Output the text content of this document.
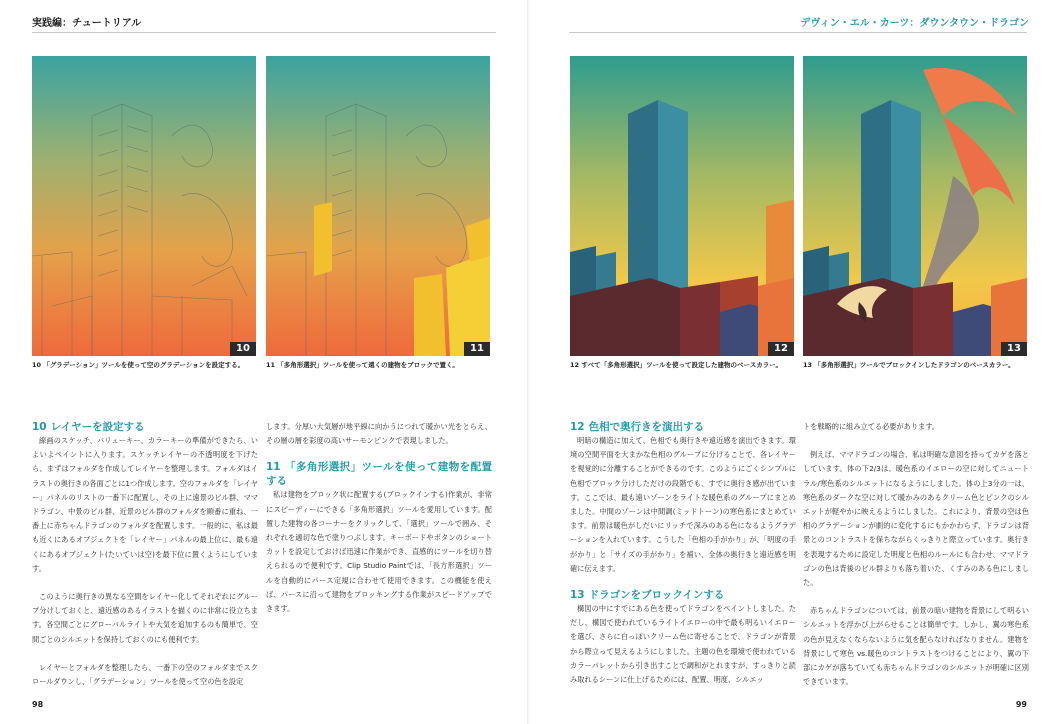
実践編：チュートリアル
10
10 「グラデーション」ツールを使って空のグラデーションを設定する。
11
11 「多角形選択」ツールを使って遠くの建物をブロックで置く。
10 レイヤーを設定する

線画のスケッチ、バリューキー、カラーキーの準備ができたら、いよいよペイントに入ります。スケッチレイヤーの不透明度を下げたら、まずはフォルダを作成してレイヤーを整理します。フォルダはイラストの奥行きの各面ごとに1つ作成します。空のフォルダを「レイヤー」パネルのリストの一番下に配置し、その上に遠景のビル群、ママドラゴン、中景のビル群、近景のビル群のフォルダを順番に重ね、一番上に赤ちゃんドラゴンのフォルダを配置します。一般的に、私は最も近くにあるオブジェクトを「レイヤー」パネルの最上位に、最も遠くにあるオブジェクト(たいていは空)を最下位に置くようにしています。

このように奥行きの異なる空間をレイヤー化してそれぞれにグループ分けしておくと、遠近感のあるイラストを描くのに非常に役立ちます。各空間ごとにグローバルライトや大気を追加するのも簡単で、空間ごとのシルエットを保持しておくのにも便利です。

レイヤーとフォルダを整理したら、一番下の空のフォルダまでスクロールダウンし、「グラデーション」ツールを使って空の色を設定

します。分厚い大気層が地平線に向かうにつれて暖かい光をとらえ、その層の層を彩度の高いサーモンピンクで表現しました。

11 「多角形選択」ツールを使って建物を配置する

私は建物をブロック状に配置する(ブロックインする)作業が、非常にスピーディーにできる「多角形選択」ツールを愛用しています。配置した建物の各コーナーをクリックして、「選択」ツールで囲み、それぞれを適切な色で塗りつぶします。キーボードやボタンのショートカットを設定しておけば迅速に作業ができ、直感的にツールを切り替えられるので便利です。Clip Studio Paintでは、「長方形選択」ツールを自動的にパース定規に合わせて使用できます。この機能を使えば、パースに沿って建物をブロッキングする作業がスピードアップできます。

98
デヴィン・エル・カーツ：ダウンタウン・ドラゴン
12
12 すべて「多角形選択」ツールを使って設定した建物のベースカラー。
13
13 「多角形選択」ツールでブロックインしたドラゴンのベースカラー。
12 色相で奥行きを演出する

明暗の構造に加えて、色相でも奥行きや遠近感を演出できます。環境の空間平面を大まかな色相のグループに分けることで、各レイヤーを視覚的に分離することができるのです。このようにごくシンプルに色相でブロック分けしただけの段階でも、すでに奥行き感が出ています。ここでは、最も遠いゾーンをライトな暖色系のグループにまとめました。中間のゾーンは中間調(ミッドトーン)の寒色系にまとめています。前景は暖色がしだいにリッチで深みのある色になるようグラデーションを入れています。こうした「色相の手がかり」が、「明度の手がかり」と「サイズの手がかり」を補い、全体の奥行きと遠近感を明確に伝えます。

13 ドラゴンをブロックインする

構図の中にすでにある色を使ってドラゴンをペイントしました。ただし、構図で使われているライトイエローの中で最も明るいイエローを選び、さらに白っぽいクリーム色に寄せることで、ドラゴンが背景から際立って見えるようにしました。主題の色を環境で使われているカラーパレットから引き出すことで調和がとれますが、すっきりと読み取れるシーンに仕上げるためには、配置、明度、シルエッ

トを戦略的に組み立てる必要があります。

例えば、ママドラゴンの場合、私は明確な意図を持ってカゲを落としています。体の下2/3は、暖色系のイエローの空に対してニュートラル/寒色系のシルエットになるようにしました。体の上3分の一は、寒色系のダークな空に対して暖かみのあるクリーム色とピンクのシルエットが軽やかに映えるようにしました。これにより、背景の空は色相のグラデーションが劇的に変化するにもかかわらず、ドラゴンは背景とのコントラストを保ちながらくっきりと際立っています。奥行きを表現するために設定した明度と色相のルールにも合わせ、ママドラゴンの色は背後のビル群よりも落ち着いた、くすみのある色にしました。

赤ちゃんドラゴンについては、前景の暗い建物を背景にして明るいシルエットを浮かび上がらせることは簡単です。しかし、翼の寒色系の色が見えなくならないように気を配らなければなりません。建物を背景にして寒色 vs.暖色のコントラストをつけることにより、翼の下部にカゲが落ちていても赤ちゃんドラゴンのシルエットが明確に区別できています。

99
